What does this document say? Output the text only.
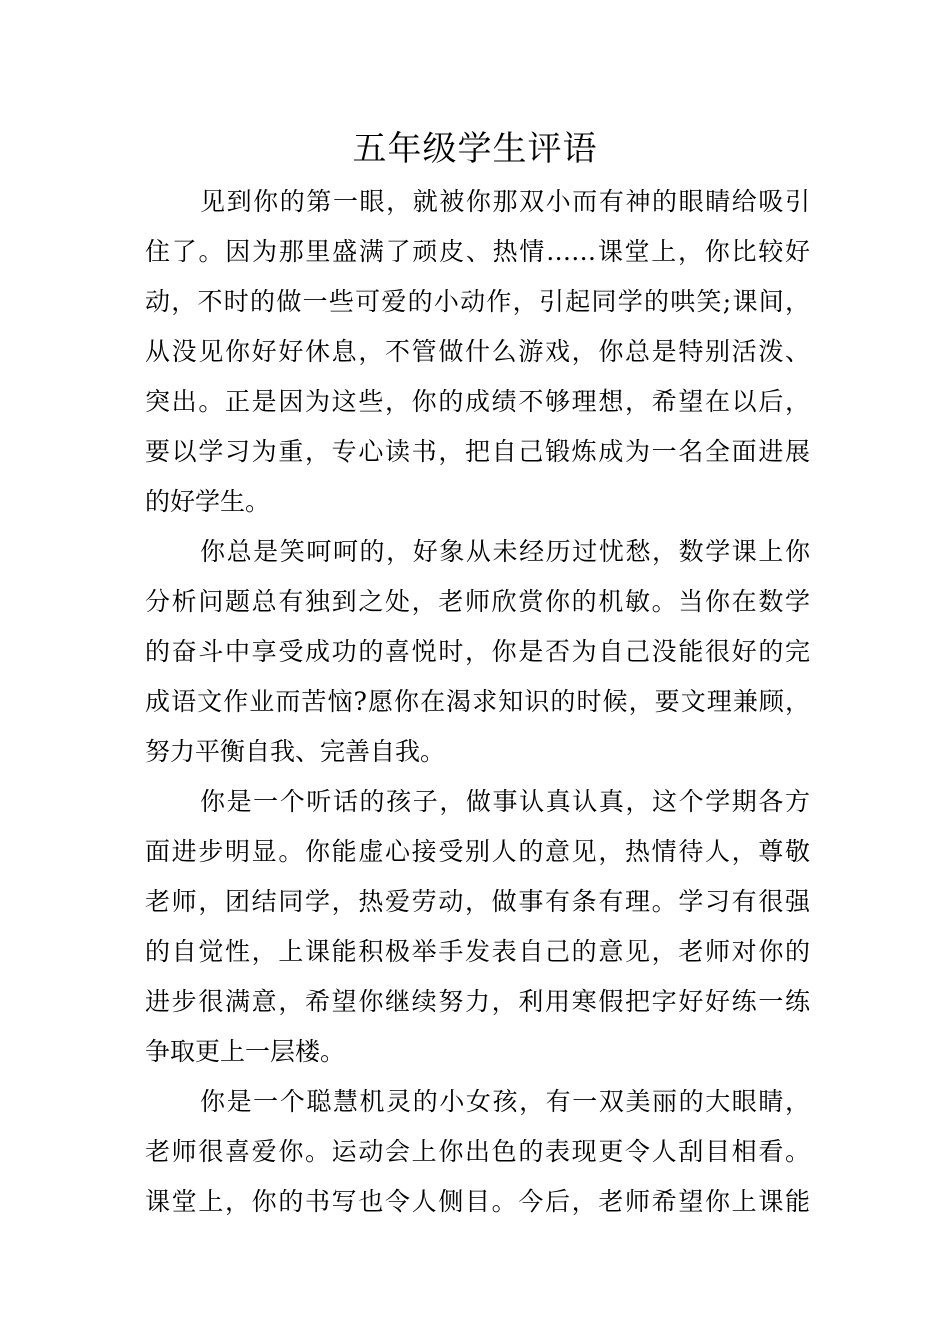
五年级学生评语
见到你的第一眼，就被你那双小而有神的眼睛给吸引
住了。因为那里盛满了顽皮、热情……课堂上，你比较好
动，不时的做一些可爱的小动作，引起同学的哄笑;课间，
从没见你好好休息，不管做什么游戏，你总是特别活泼、
突出。正是因为这些，你的成绩不够理想，希望在以后，
要以学习为重，专心读书，把自己锻炼成为一名全面进展
的好学生。
你总是笑呵呵的，好象从未经历过忧愁，数学课上你
分析问题总有独到之处，老师欣赏你的机敏。当你在数学
的奋斗中享受成功的喜悦时，你是否为自己没能很好的完
成语文作业而苦恼?愿你在渴求知识的时候，要文理兼顾，
努力平衡自我、完善自我。
你是一个听话的孩子，做事认真认真，这个学期各方
面进步明显。你能虚心接受别人的意见，热情待人，尊敬
老师，团结同学，热爱劳动，做事有条有理。学习有很强
的自觉性，上课能积极举手发表自己的意见，老师对你的
进步很满意，希望你继续努力，利用寒假把字好好练一练
争取更上一层楼。
你是一个聪慧机灵的小女孩，有一双美丽的大眼睛，
老师很喜爱你。运动会上你出色的表现更令人刮目相看。
课堂上，你的书写也令人侧目。今后，老师希望你上课能
